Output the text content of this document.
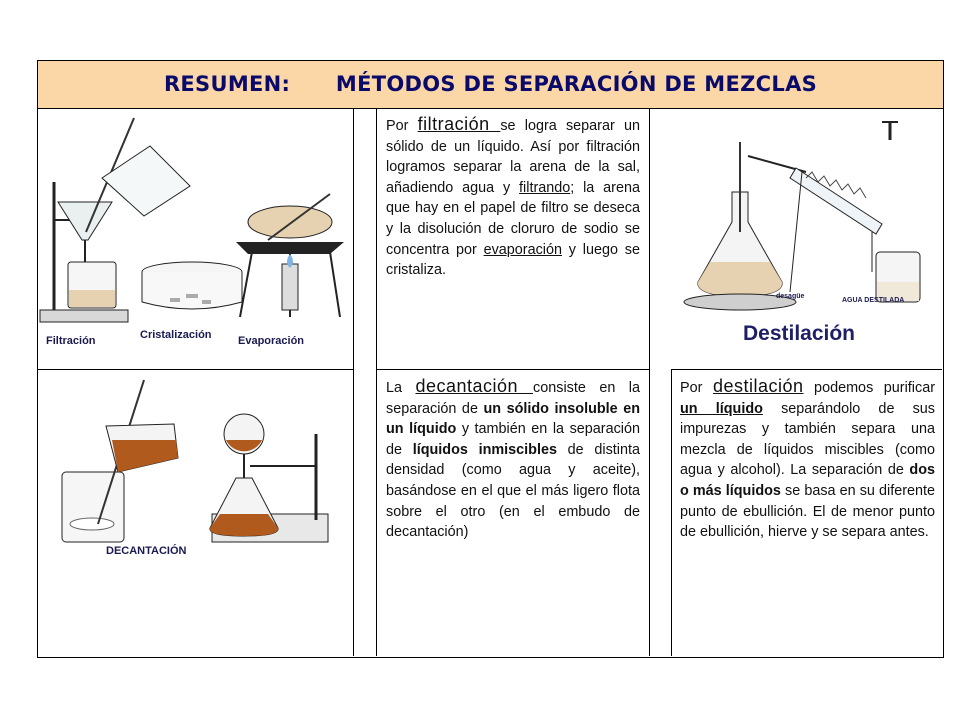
RESUMEN: MÉTODOS DE SEPARACIÓN DE MEZCLAS
Filtración	Cristalización Evaporación
Por filtración se logra separar un sólido de un líquido. Así por filtración logramos separar la arena de la sal, añadiendo agua y filtrando; la arena que hay en el papel de filtro se deseca y la disolución de cloruro de sodio se concentra por evaporación y luego se cristaliza.
AGUA DESTILADA
desagüe
Destilación
DECANTACIÓN
La decantación consiste en la separación de un sólido insoluble en un líquido y también en la separación de líquidos inmiscibles de distinta densidad (como agua y aceite), basándose en el que el más ligero flota sobre el otro (en el embudo de decantación)
Por destilación podemos purificar un líquido separándolo de sus impurezas y también separa una mezcla de líquidos miscibles (como agua y alcohol). La separación de dos o más líquidos se basa en su diferente punto de ebullición. El de menor punto de ebullición, hierve y se separa antes.
